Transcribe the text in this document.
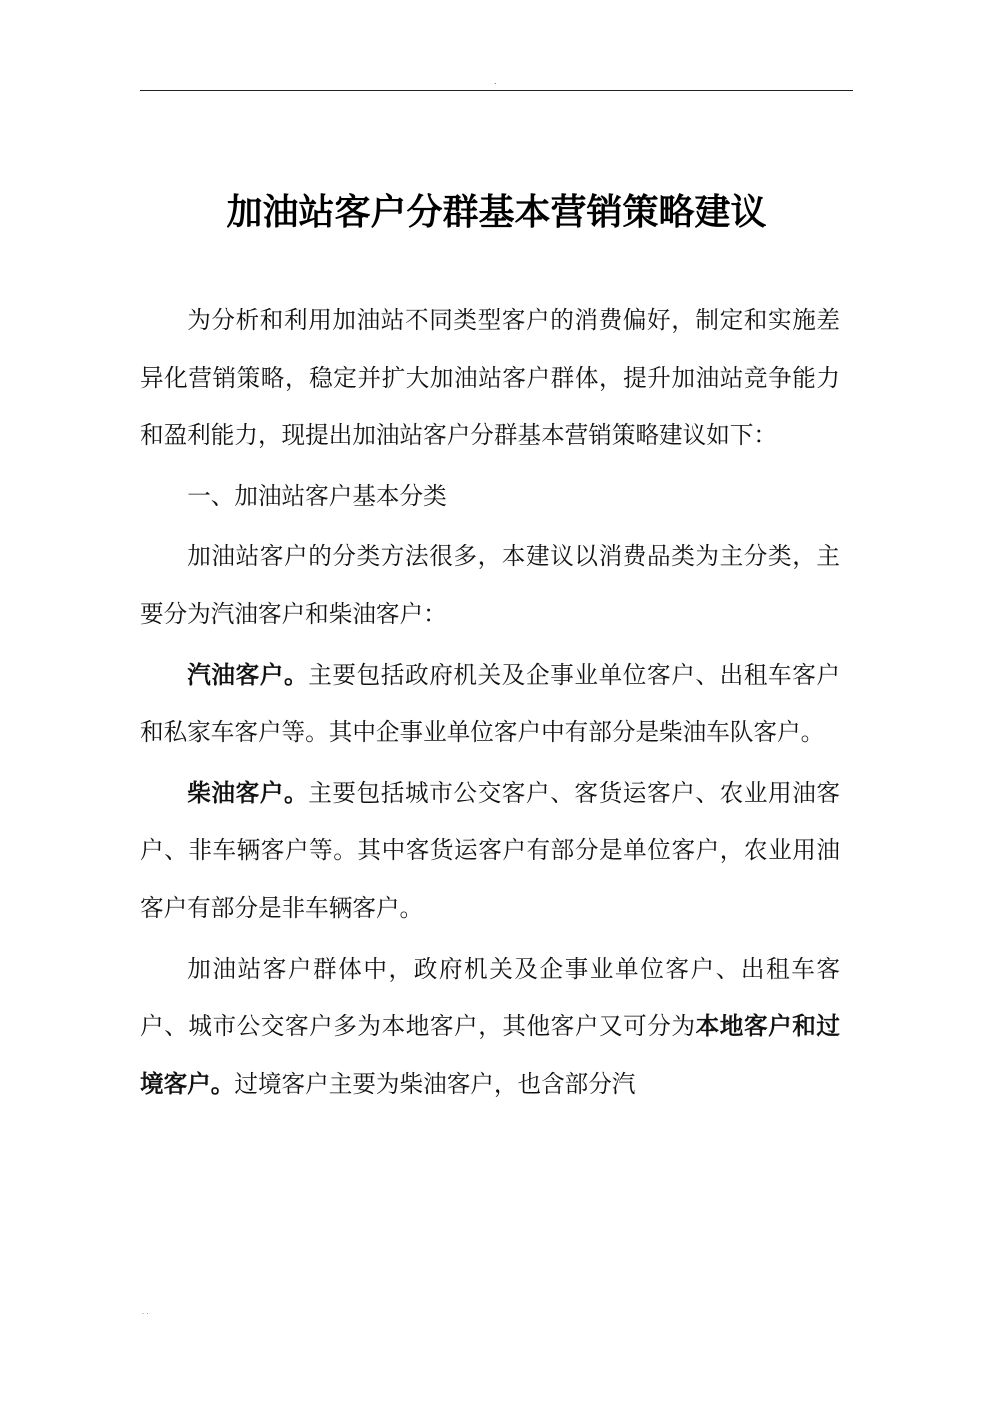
.
加油站客户分群基本营销策略建议

为分析和利用加油站不同类型客户的消费偏好，制定和实施差异化营销策略，稳定并扩大加油站客户群体，提升加油站竞争能力和盈利能力，现提出加油站客户分群基本营销策略建议如下：

一、加油站客户基本分类

加油站客户的分类方法很多，本建议以消费品类为主分类，主要分为汽油客户和柴油客户：

汽油客户。主要包括政府机关及企事业单位客户、出租车客户和私家车客户等。其中企事业单位客户中有部分是柴油车队客户。

柴油客户。主要包括城市公交客户、客货运客户、农业用油客户、非车辆客户等。其中客货运客户有部分是单位客户，农业用油客户有部分是非车辆客户。

加油站客户群体中，政府机关及企事业单位客户、出租车客户、城市公交客户多为本地客户，其他客户又可分为本地客户和过境客户。过境客户主要为柴油客户，也含部分汽

. .
